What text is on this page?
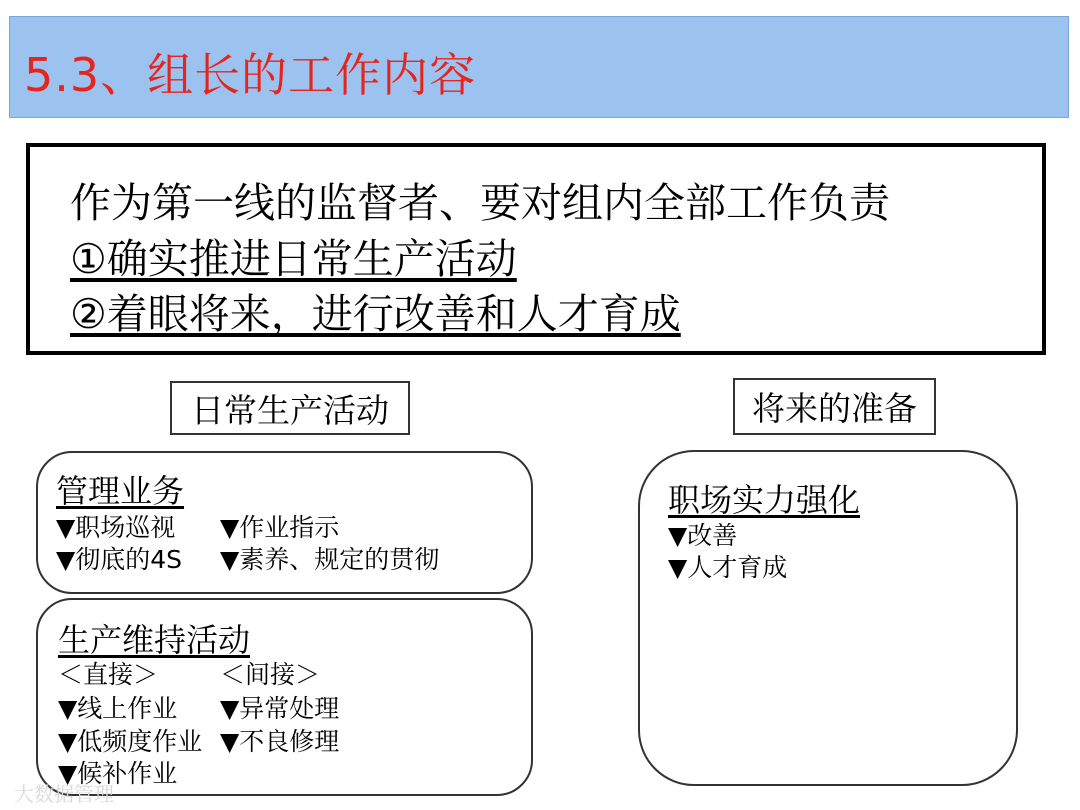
5.3、组长的工作内容
作为第一线的监督者、要对组内全部工作负责
①确实推进日常生产活动
②着眼将来，进行改善和人才育成
日常生产活动	将来的准备
管理业务
▼职场巡视 ▼作业指示
▼彻底的4S ▼素养、规定的贯彻
生产维持活动
＜直接＞ ＜间接＞
▼线上作业 ▼异常处理
▼低频度作业 ▼不良修理
▼候补作业
职场实力强化
▼改善
▼人才育成
大数据管理
